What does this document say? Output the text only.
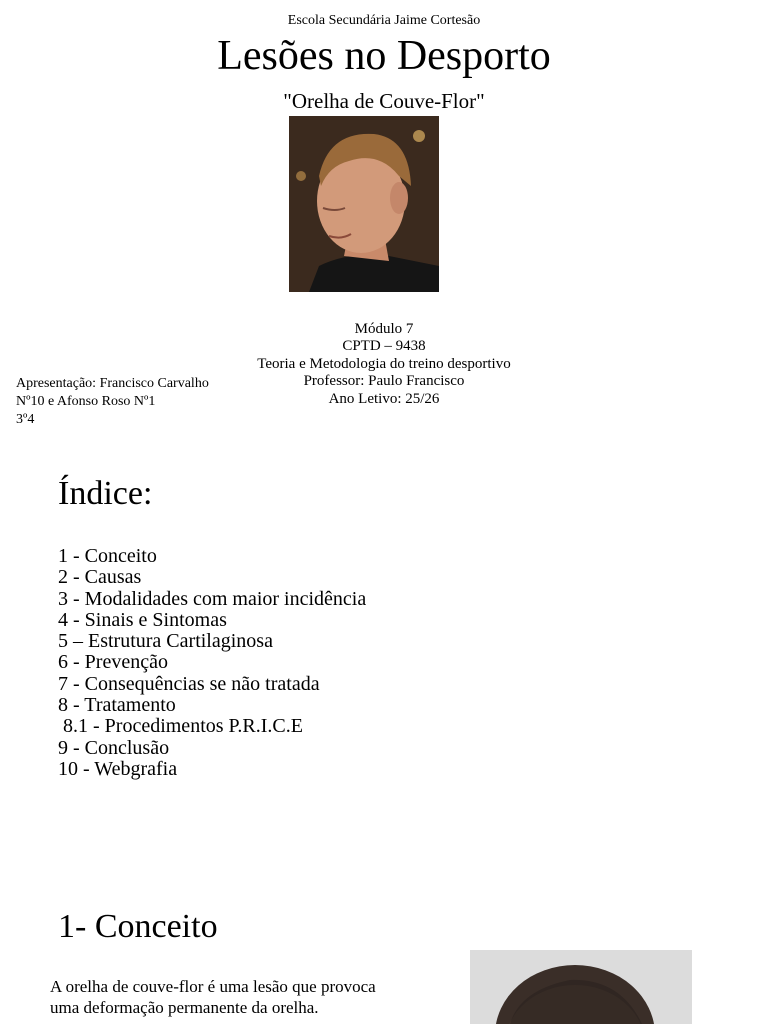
Escola Secundária Jaime Cortesão
Lesões no Desporto
"Orelha de Couve-Flor"
Módulo 7
CPTD – 9438
Teoria e Metodologia do treino desportivo
Professor: Paulo Francisco
Ano Letivo: 25/26
Apresentação: Francisco Carvalho
Nº10 e Afonso Roso Nº1
3º4
Índice:
1 - Conceito
2 - Causas
3 - Modalidades com maior incidência
4 - Sinais e Sintomas
5 – Estrutura Cartilaginosa
6 - Prevenção
7 - Consequências se não tratada
8 - Tratamento
8.1 - Procedimentos P.R.I.C.E
9 - Conclusão
10 - Webgrafia
1- Conceito
A orelha de couve-flor é uma lesão que provoca
uma deformação permanente da orelha.
